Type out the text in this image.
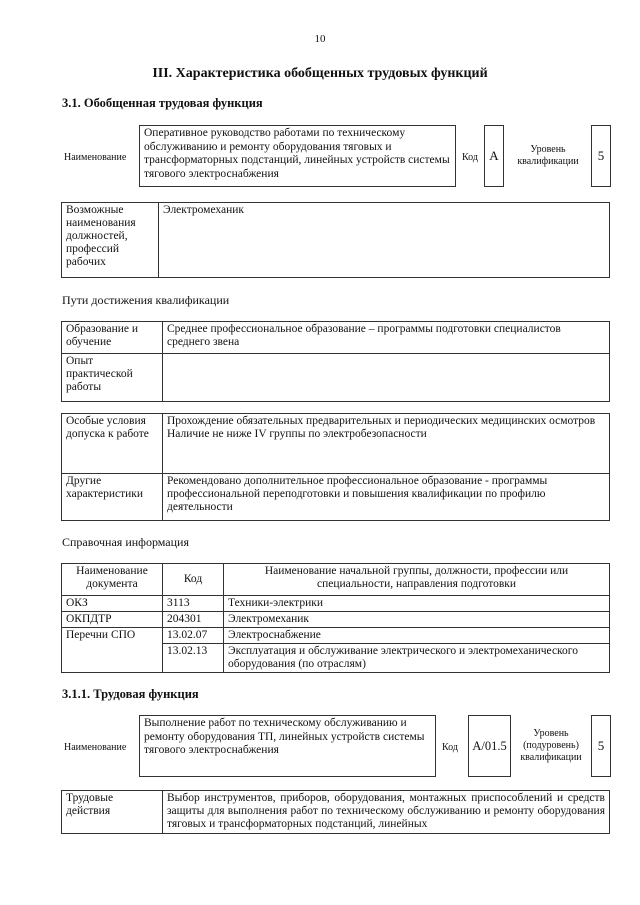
10
III. Характеристика обобщенных трудовых функций
3.1. Обобщенная трудовая функция
Наименование
Оперативное руководство работами по техническому обслуживанию и ремонту оборудования тяговых и трансформаторных подстанций, линейных устройств системы тягового электроснабжения
Код A	Уровень квалификации	5
Возможные наименования должностей, профессий рабочих	Электромеханик
Пути достижения квалификации
Образование и обучение	Среднее профессиональное образование – программы подготовки специалистов среднего звена
Опыт практической работы	
Особые условия допуска к работе	Прохождение обязательных предварительных и периодических медицинских осмотров
Наличие не ниже IV группы по электробезопасности

Другие характеристики	Рекомендовано дополнительное профессиональное образование - программы профессиональной переподготовки и повышения квалификации по профилю деятельности
Справочная информация
Наименование документа	Код	Наименование начальной группы, должности, профессии или специальности, направления подготовки
ОКЗ	3113	Техники-электрики
ОКПДТР	204301	Электромеханик
Перечни СПО	13.02.07	Электроснабжение
	13.02.13	Эксплуатация и обслуживание электрического и электромеханического оборудования (по отраслям)
3.1.1. Трудовая функция
Наименование
Выполнение работ по техническому обслуживанию и ремонту оборудования ТП, линейных устройств системы тягового электроснабжения	Код	A/01.5
Уровень (подуровень) квалификации
5
Трудовые действия	Выбор инструментов, приборов, оборудования, монтажных приспособлений и средств защиты для выполнения работ по техническому обслуживанию и ремонту оборудования тяговых и трансформаторных подстанций, линейных
